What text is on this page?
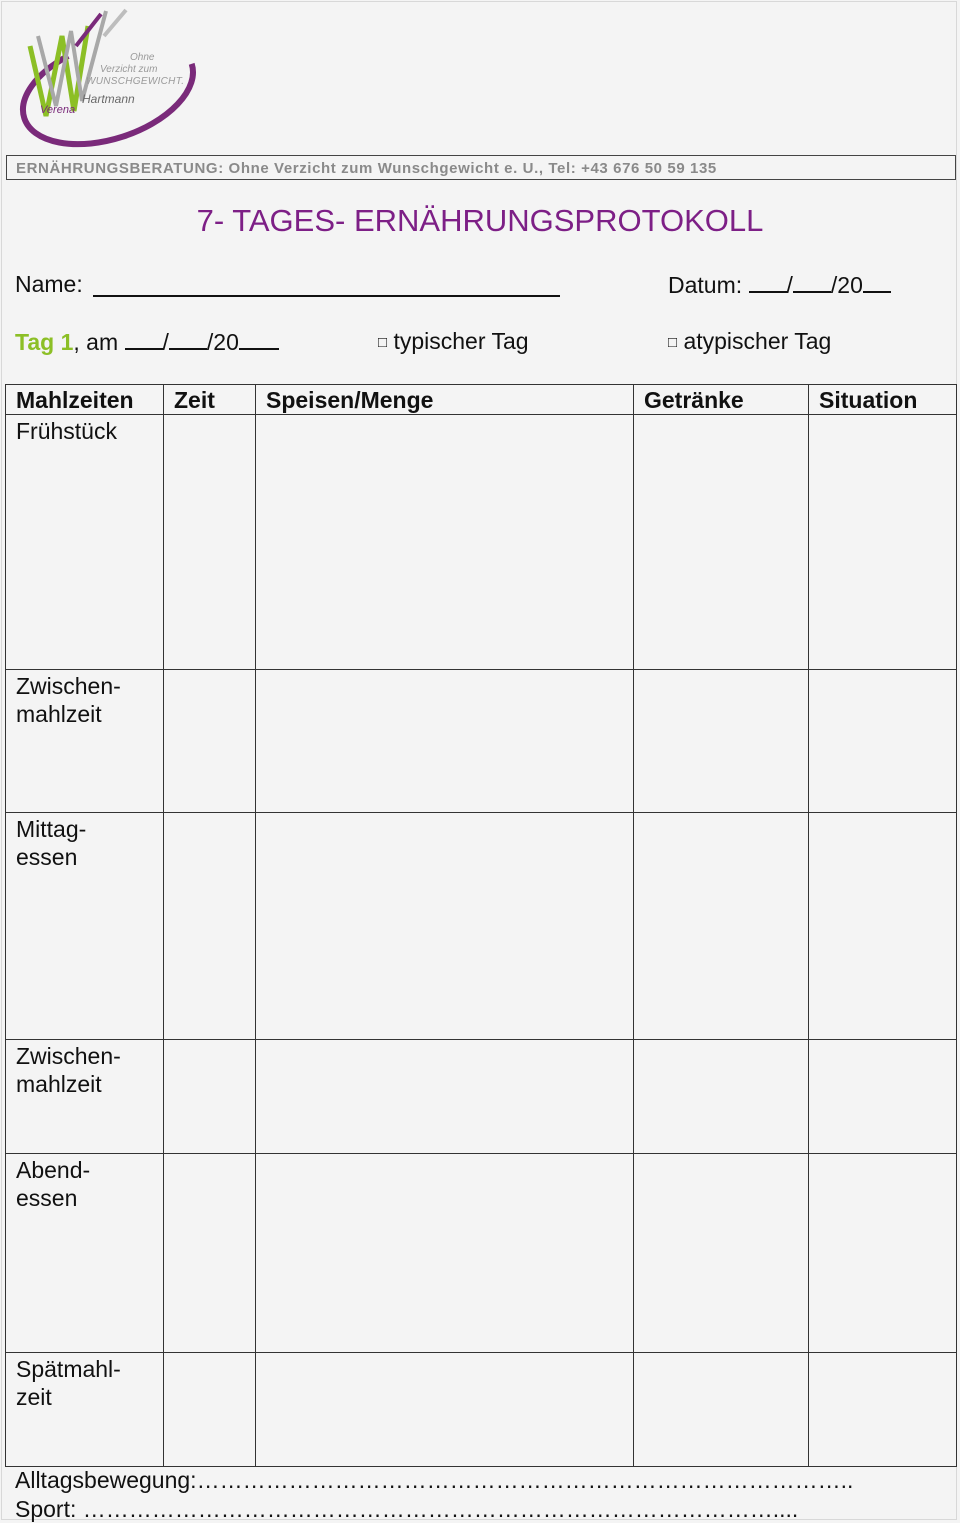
Ohne
Verzicht zum
WUNSCHGEWICHT.
Hartmann
Verena
ERNÄHRUNGSBERATUNG: Ohne Verzicht zum Wunschgewicht e. U., Tel: +43 676 50 59 135
7- TAGES- ERNÄHRUNGSPROTOKOLL
Name:	Datum: / /20
Tag 1, am / /20	□ typischer Tag	□ atypischer Tag
Mahlzeiten	Zeit	Speisen/Menge	Getränke	Situation
Frühstück				
Zwischen-
mahlzeit				
Mittag-
essen				
Zwischen-
mahlzeit				
Abend-
essen				
Spätmahl-
zeit				
Alltagsbewegung:…………………………………………………………………………..
Sport: ………………………………………………………………………………....
